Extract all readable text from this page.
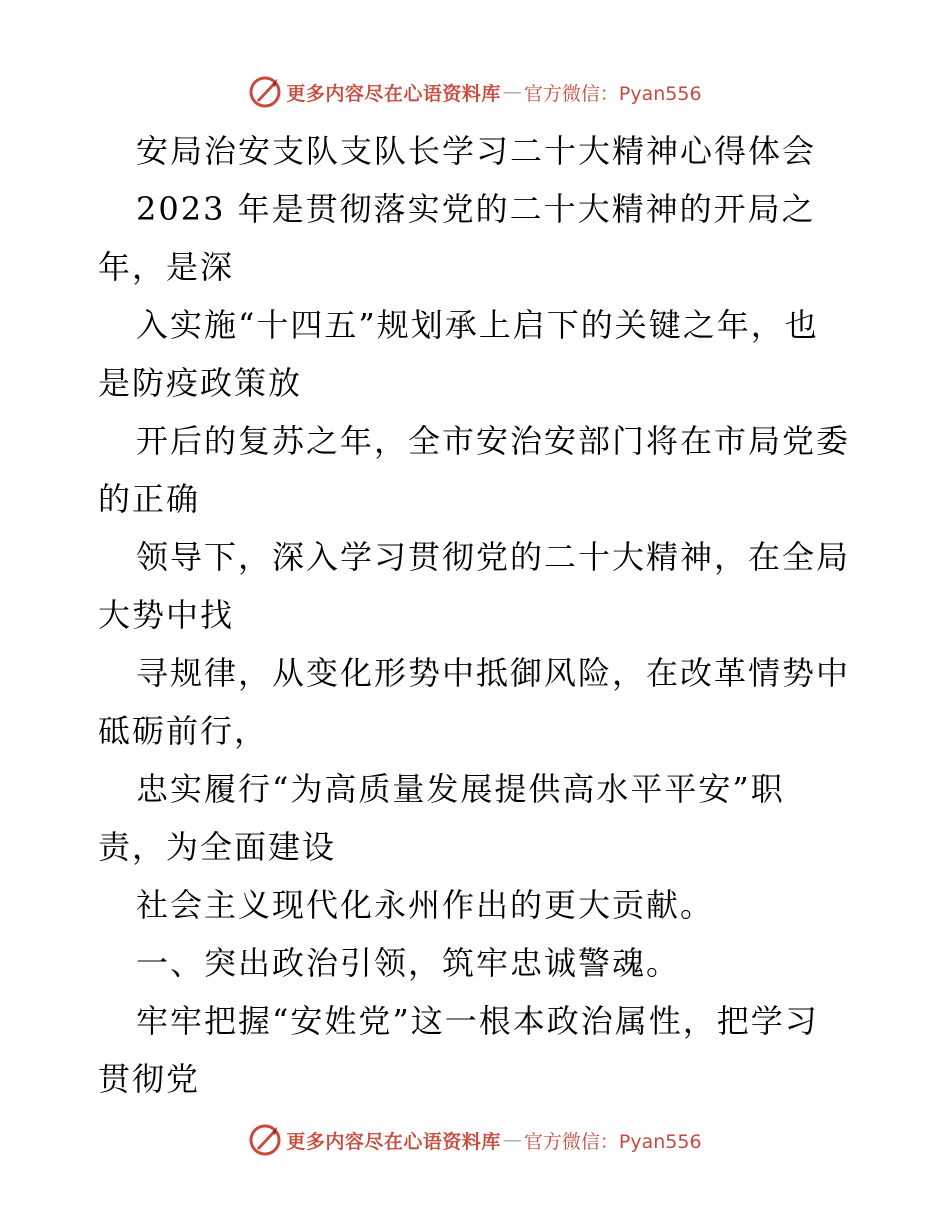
更多内容尽在心语资料库 — 官方微信：Pyan556
安局治安支队支队长学习二十大精神心得体会
2023 年是贯彻落实党的二十大精神的开局之
年，是深
入实施“十四五”规划承上启下的关键之年，也
是防疫政策放
开后的复苏之年，全市安治安部门将在市局党委
的正确
领导下，深入学习贯彻党的二十大精神，在全局
大势中找
寻规律，从变化形势中抵御风险，在改革情势中
砥砺前行，
忠实履行“为高质量发展提供高水平平安”职
责，为全面建设
社会主义现代化永州作出的更大贡献。
一、突出政治引领，筑牢忠诚警魂。
牢牢把握“安姓党”这一根本政治属性，把学习
贯彻党
更多内容尽在心语资料库 — 官方微信：Pyan556
